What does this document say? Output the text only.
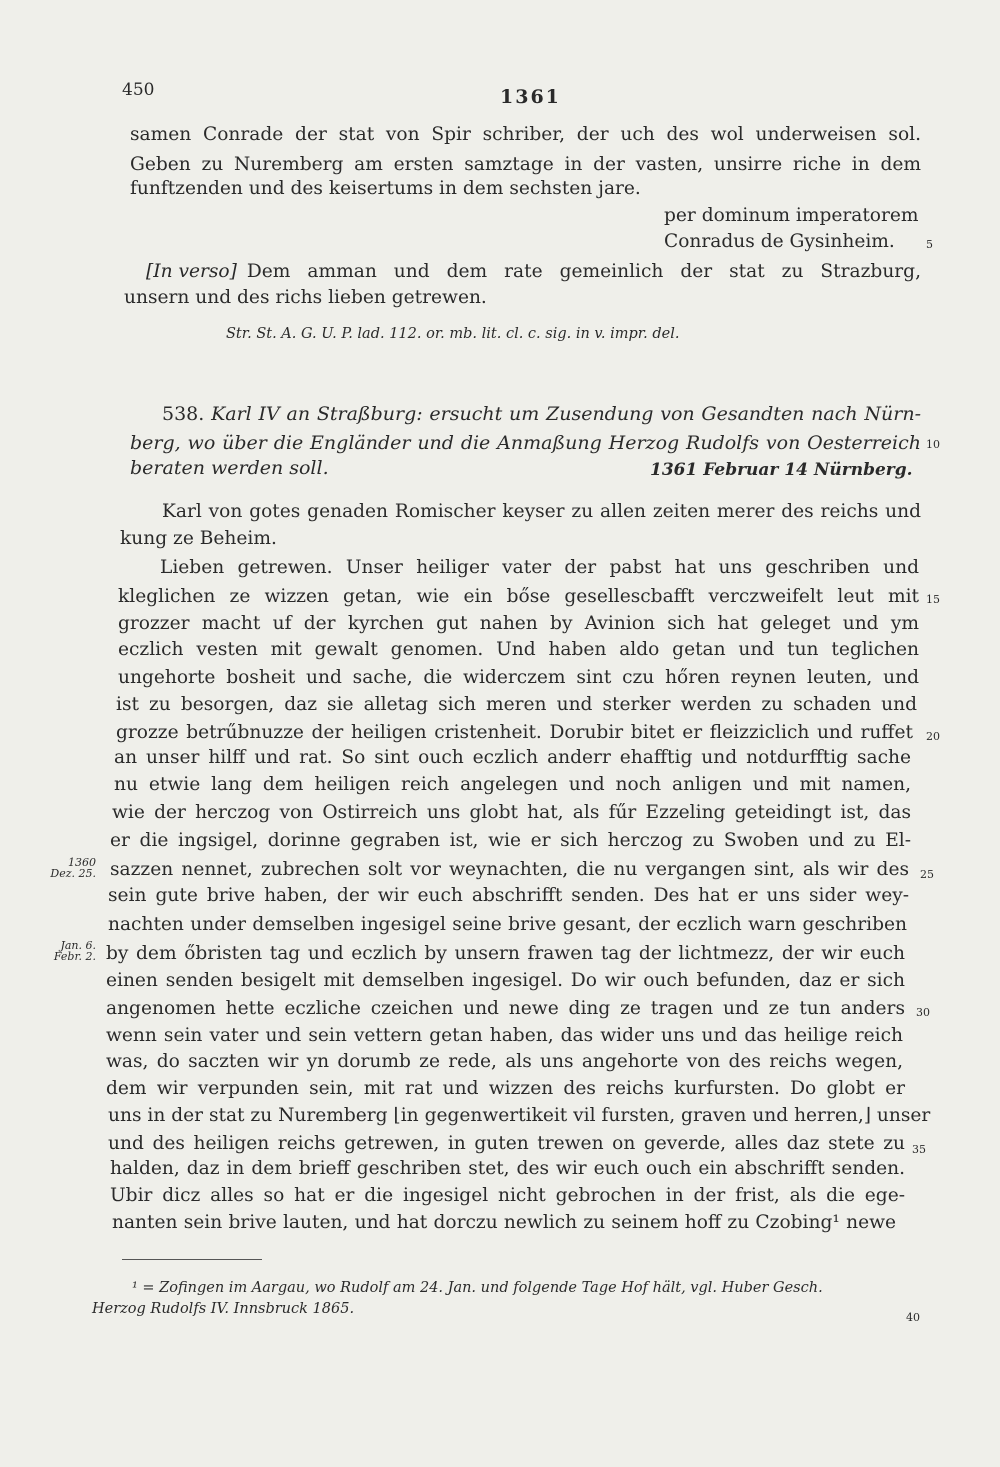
450	1361
samen Conrade der stat von Spir schriber, der uch des wol underweisen sol.
Geben zu Nuremberg am ersten samztage in der vasten, unsirre riche in dem
funftzenden und des keisertums in dem sechsten jare.
per dominum imperatorem
Conradus de Gysinheim.	5
[In verso] Dem amman und dem rate gemeinlich der stat zu Strazburg,
unsern und des richs lieben getrewen.
Str. St. A. G. U. P. lad. 112. or. mb. lit. cl. c. sig. in v. impr. del.
538. Karl IV an Straßburg: ersucht um Zusendung von Gesandten nach Nürn-
berg, wo über die Engländer und die Anmaßung Herzog Rudolfs von Oesterreich 10
beraten werden soll.	1361 Februar 14 Nürnberg.
Karl von gotes genaden Romischer keyser zu allen zeiten merer des reichs und
kung ze Beheim.
Lieben getrewen. Unser heiliger vater der pabst hat uns geschriben und
kleglichen ze wizzen getan, wie ein bőse gesellescbafft verczweifelt leut mit 15
grozzer macht uf der kyrchen gut nahen by Avinion sich hat geleget und ym
eczlich vesten mit gewalt genomen. Und haben aldo getan und tun teglichen
ungehorte bosheit und sache, die widerczem sint czu hőren reynen leuten, und
ist zu besorgen, daz sie alletag sich meren und sterker werden zu schaden und
grozze betrűbnuzze der heiligen cristenheit. Dorubir bitet er fleizziclich und ruffet 20
an unser hilff und rat. So sint ouch eczlich anderr ehafftig und notdurfftig sache
nu etwie lang dem heiligen reich angelegen und noch anligen und mit namen,
wie der herczog von Ostirreich uns globt hat, als fűr Ezzeling geteidingt ist, das
er die ingsigel, dorinne gegraben ist, wie er sich herczog zu Swoben und zu El-
sazzen nennet, zubrechen solt vor weynachten, die nu vergangen sint, als wir des 25
sein gute brive haben, der wir euch abschrifft senden. Des hat er uns sider wey-
nachten under demselben ingesigel seine brive gesant, der eczlich warn geschriben
by dem őbristen tag und eczlich by unsern frawen tag der lichtmezz, der wir euch
einen senden besigelt mit demselben ingesigel. Do wir ouch befunden, daz er sich
angenomen hette eczliche czeichen und newe ding ze tragen und ze tun anders 30
wenn sein vater und sein vettern getan haben, das wider uns und das heilige reich
was, do saczten wir yn dorumb ze rede, als uns angehorte von des reichs wegen,
dem wir verpunden sein, mit rat und wizzen des reichs kurfursten. Do globt er
uns in der stat zu Nuremberg ⌊in gegenwertikeit vil fursten, graven und herren,⌋ unser
und des heiligen reichs getrewen, in guten trewen on geverde, alles daz stete zu 35
halden, daz in dem brieff geschriben stet, des wir euch ouch ein abschrifft senden.
Ubir dicz alles so hat er die ingesigel nicht gebrochen in der frist, als die ege-
nanten sein brive lauten, und hat dorczu newlich zu seinem hoff zu Czobing¹ newe
1360
Dez. 25.
Jan. 6.
Febr. 2.
¹ = Zofingen im Aargau, wo Rudolf am 24. Jan. und folgende Tage Hof hält, vgl. Huber Gesch.
Herzog Rudolfs IV. Innsbruck 1865.
40
